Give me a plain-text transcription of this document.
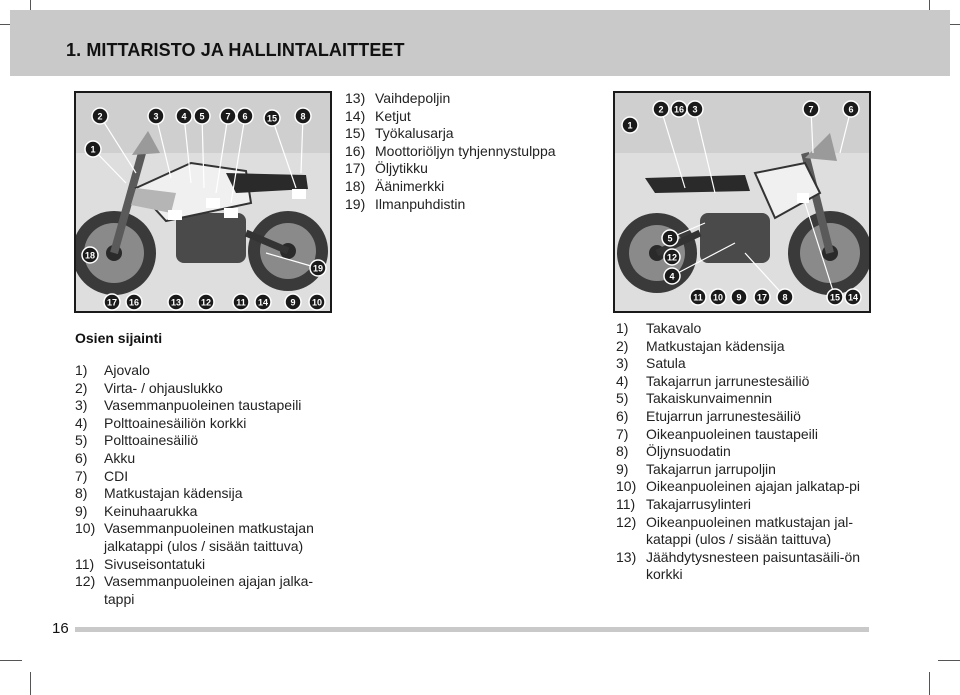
1. MITTARISTO JA HALLINTALAITTEET
1
2	3	4 5 7 6 15	8
18
19
17 16	13 12	11 14 9 10
13) Vaihdepoljin
14) Ketjut
15) Työkalusarja
16) Moottoriöljyn tyhjennystulppa
17) Öljytikku
18) Äänimerkki
19) Ilmanpuhdistin
1
2 16 3	7	6
5
12
4
11 10 9 17 8	15 14
Osien sijainti
1)	Ajovalo
2)	Virta- / ohjauslukko
3)	Vasemmanpuoleinen taustapeili
4)	Polttoainesäiliön korkki
5)	Polttoainesäiliö
6)	Akku
7)	CDI
8)	Matkustajan kädensija
9)	Keinuhaarukka
10) Vasemmanpuoleinen matkustajan jalkatappi (ulos / sisään taittuva)
11) Sivuseisontatuki
12) Vasemmanpuoleinen ajajan jalka-tappi
1)	Takavalo
2)	Matkustajan kädensija
3)	Satula
4)	Takajarrun jarrunestesäiliö
5)	Takaiskunvaimennin
6)	Etujarrun jarrunestesäiliö
7)	Oikeanpuoleinen taustapeili
8)	Öljynsuodatin
9)	Takajarrun jarrupoljin
10) Oikeanpuoleinen ajajan jalkatap-pi
11) Takajarrusylinteri
12) Oikeanpuoleinen matkustajan jal-katappi (ulos / sisään taittuva)
13) Jäähdytysnesteen paisuntasäili-ön korkki
16
